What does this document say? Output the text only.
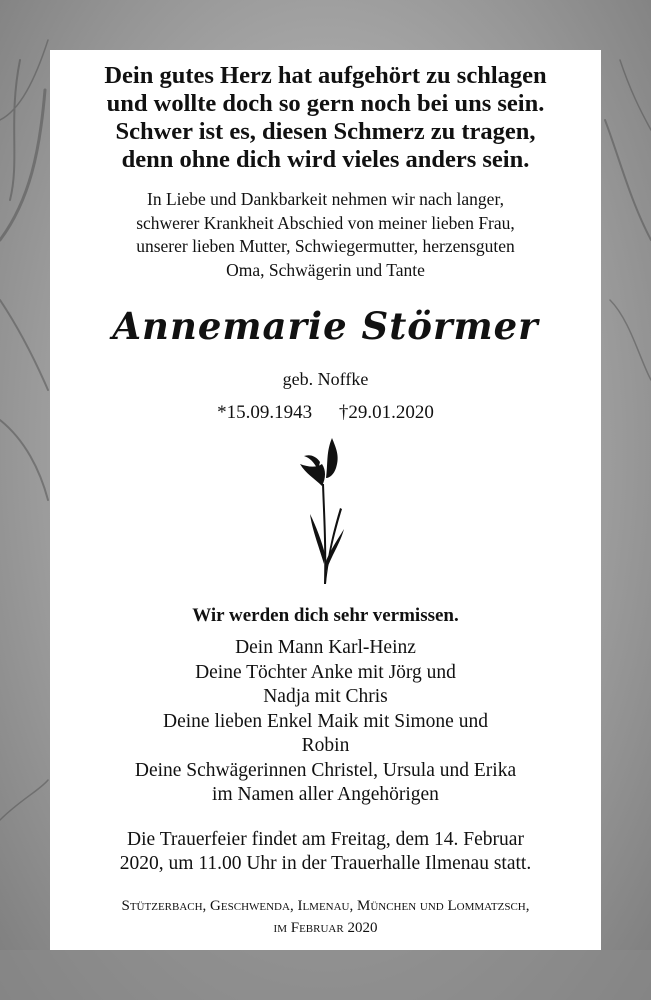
Dein gutes Herz hat aufgehört zu schlagen
und wollte doch so gern noch bei uns sein.
Schwer ist es, diesen Schmerz zu tragen,
denn ohne dich wird vieles anders sein.
In Liebe und Dankbarkeit nehmen wir nach langer,
schwerer Krankheit Abschied von meiner lieben Frau,
unserer lieben Mutter, Schwiegermutter, herzensguten
Oma, Schwägerin und Tante
Annemarie Störmer
geb. Noffke
*15.09.1943 †29.01.2020
Wir werden dich sehr vermissen.
Dein Mann Karl-Heinz
Deine Töchter Anke mit Jörg und
Nadja mit Chris
Deine lieben Enkel Maik mit Simone und
Robin
Deine Schwägerinnen Christel, Ursula und Erika
im Namen aller Angehörigen
Die Trauerfeier findet am Freitag, dem 14. Februar
2020, um 11.00 Uhr in der Trauerhalle Ilmenau statt.
Stützerbach, Geschwenda, Ilmenau, München und Lommatzsch,
im Februar 2020
